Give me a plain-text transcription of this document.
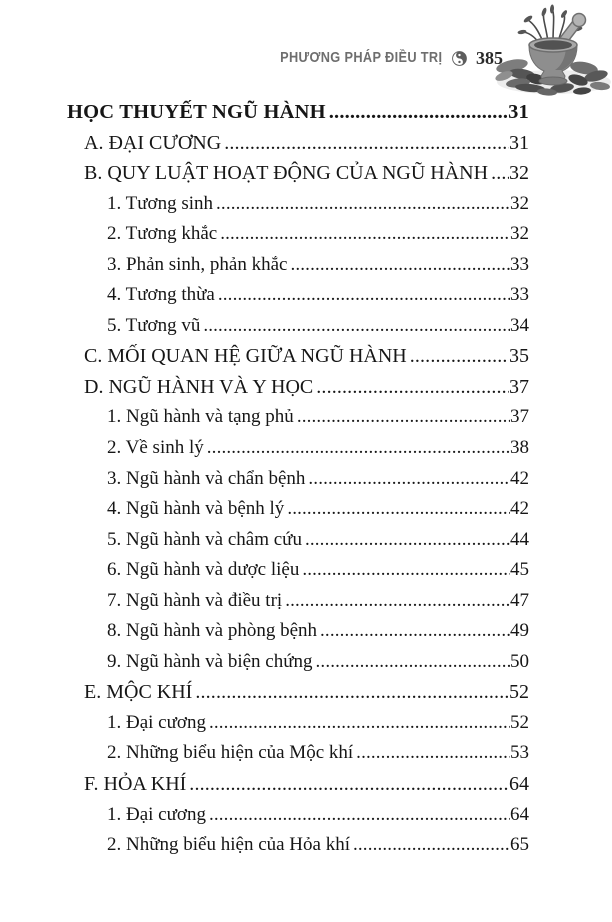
PHƯƠNG PHÁP ĐIỀU TRỊ 385
HỌC THUYẾT NGŨ HÀNH .....	31
A. ĐẠI CƯƠNG .....	31
B. QUY LUẬT HOẠT ĐỘNG CỦA NGŨ HÀNH ..... 32
1. Tương sinh .....	32
2. Tương khắc .....	32
3. Phản sinh, phản khắc .....	33
4. Tương thừa .....	33
5. Tương vũ .....	34
C. MỐI QUAN HỆ GIỮA NGŨ HÀNH .....	35
D. NGŨ HÀNH VÀ Y HỌC .....	37
1. Ngũ hành và tạng phủ .....	37
2. Về sinh lý .....	38
3. Ngũ hành và chẩn bệnh .....	42
4. Ngũ hành và bệnh lý .....	42
5. Ngũ hành và châm cứu .....	44
6. Ngũ hành và dược liệu .....	45
7. Ngũ hành và điều trị .....	47
8. Ngũ hành và phòng bệnh .....	49
9. Ngũ hành và biện chứng .....	50
E. MỘC KHÍ .....	52
1. Đại cương .....	52
2. Những biểu hiện của Mộc khí .....	53
F. HỎA KHÍ .....	64
1. Đại cương .....	64
2. Những biểu hiện của Hỏa khí .....	65
